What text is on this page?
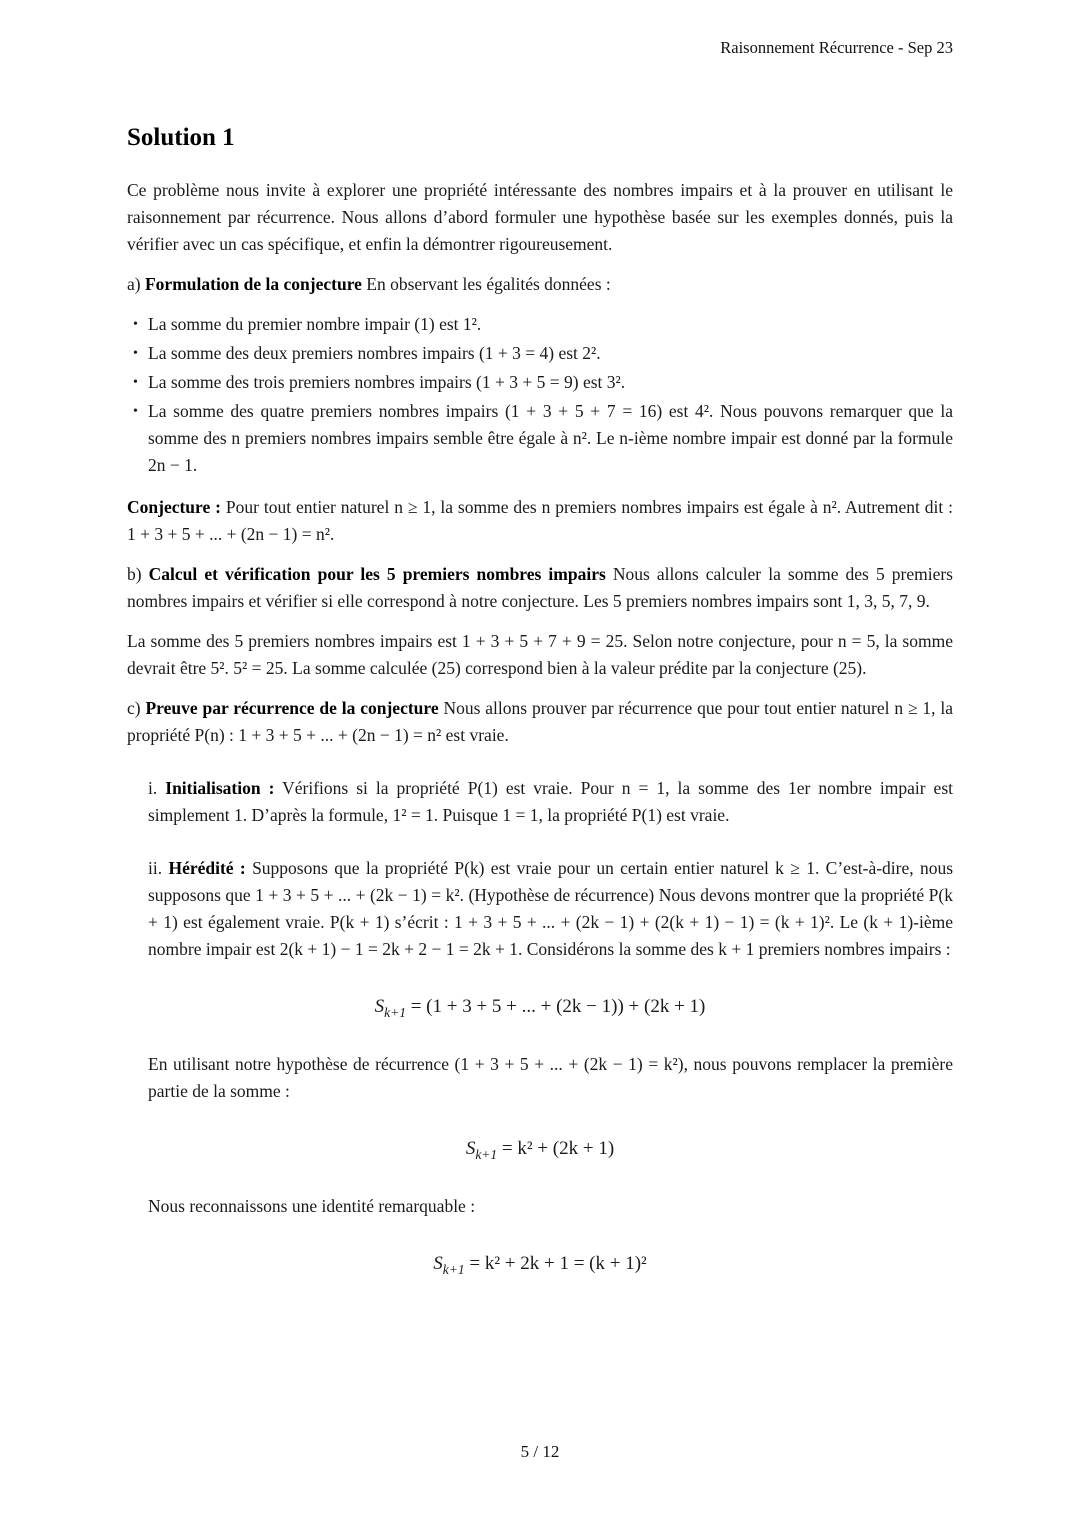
Raisonnement Récurrence - Sep 23
Solution 1

Ce problème nous invite à explorer une propriété intéressante des nombres impairs et à la prouver en utilisant le raisonnement par récurrence. Nous allons d’abord formuler une hypothèse basée sur les exemples donnés, puis la vérifier avec un cas spécifique, et enfin la démontrer rigoureusement.

a) Formulation de la conjecture En observant les égalités données :

• La somme du premier nombre impair (1) est 1².
• La somme des deux premiers nombres impairs (1 + 3 = 4) est 2².
• La somme des trois premiers nombres impairs (1 + 3 + 5 = 9) est 3².
• La somme des quatre premiers nombres impairs (1 + 3 + 5 + 7 = 16) est 4². Nous pouvons remarquer que la somme des n premiers nombres impairs semble être égale à n². Le n-ième nombre impair est donné par la formule 2n − 1.

Conjecture : Pour tout entier naturel n ≥ 1, la somme des n premiers nombres impairs est égale à n². Autrement dit : 1 + 3 + 5 + ... + (2n − 1) = n².

b) Calcul et vérification pour les 5 premiers nombres impairs Nous allons calculer la somme des 5 premiers nombres impairs et vérifier si elle correspond à notre conjecture. Les 5 premiers nombres impairs sont 1, 3, 5, 7, 9.

La somme des 5 premiers nombres impairs est 1 + 3 + 5 + 7 + 9 = 25. Selon notre conjecture, pour n = 5, la somme devrait être 5². 5² = 25. La somme calculée (25) correspond bien à la valeur prédite par la conjecture (25).

c) Preuve par récurrence de la conjecture Nous allons prouver par récurrence que pour tout entier naturel n ≥ 1, la propriété P(n) : 1 + 3 + 5 + ... + (2n − 1) = n² est vraie.

i. Initialisation : Vérifions si la propriété P(1) est vraie. Pour n = 1, la somme des 1er nombre impair est simplement 1. D’après la formule, 1² = 1. Puisque 1 = 1, la propriété P(1) est vraie.
ii. Hérédité : Supposons que la propriété P(k) est vraie pour un certain entier naturel k ≥ 1. C’est-à-dire, nous supposons que 1 + 3 + 5 + ... + (2k − 1) = k². (Hypothèse de récurrence) Nous devons montrer que la propriété P(k + 1) est également vraie. P(k + 1) s’écrit : 1 + 3 + 5 + ... + (2k − 1) + (2(k + 1) − 1) = (k + 1)². Le (k + 1)-ième nombre impair est 2(k + 1) − 1 = 2k + 2 − 1 = 2k + 1. Considérons la somme des k + 1 premiers nombres impairs :
$S_{k+1} = (1 + 3 + 5$ + ... + (2k − 1)) + (2k + 1)
En utilisant notre hypothèse de récurrence (1 + 3 + 5 + ... + (2k − 1) = k²), nous pouvons remplacer la première partie de la somme :
$S_{k+1} = k^2 + (2k + 1)$
Nous reconnaissons une identité remarquable :
$S_{k+1} = k^2 + 2k + 1 = (k + 1)^2$
5 / 12
